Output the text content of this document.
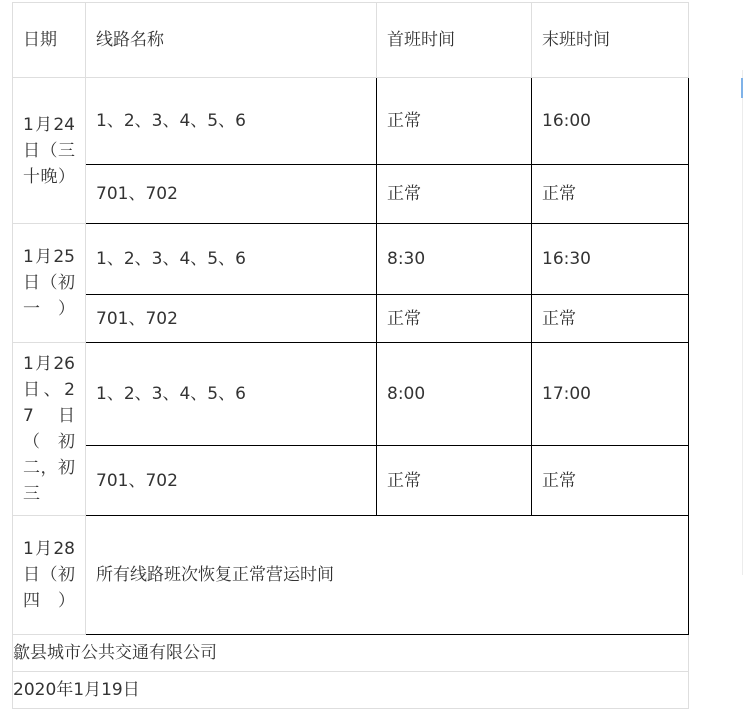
日期	线路名称	首班时间	末班时间

1月24日（三十晚）	1、2、3、4、5、6	正常	16:00
	701、702	正常	正常

1月25日（初一）	1、2、3、4、5、6	8:30	16:30
	701、702	正常	正常

1月26日、27日（初二，初三	1、2、3、4、5、6	8:00	17:00
	701、702	正常	正常

1月28日（初四）	所有线路班次恢复正常营运时间		
歙县城市公共交通有限公司			
2020年1月19日			
